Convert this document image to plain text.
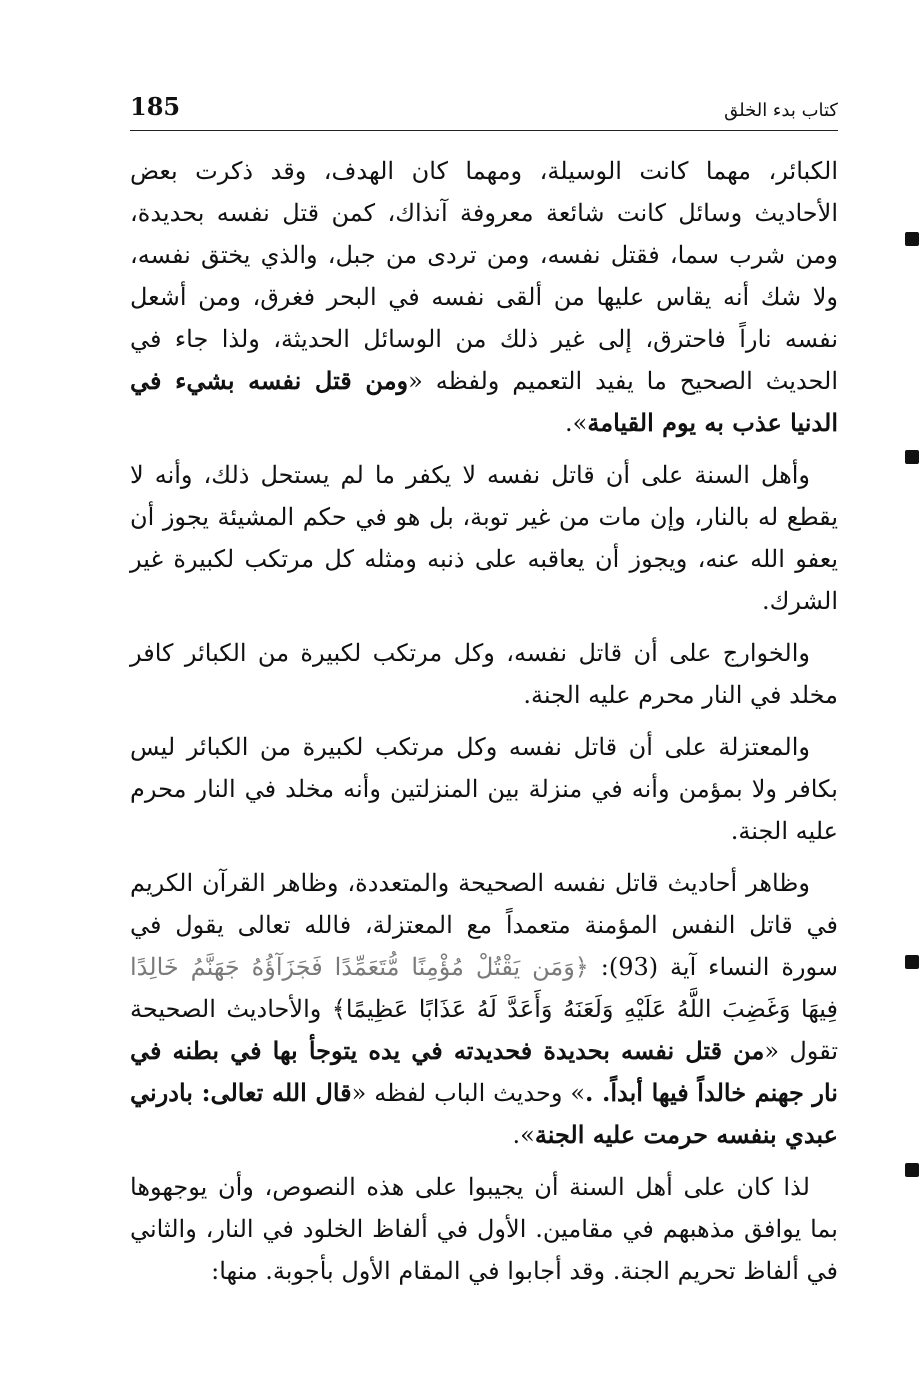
كتاب بدء الخلق
185

الكبائر، مهما كانت الوسيلة، ومهما كان الهدف، وقد ذكرت بعض الأحاديث وسائل كانت شائعة معروفة آنذاك، كمن قتل نفسه بحديدة، ومن شرب سما، فقتل نفسه، ومن تردى من جبل، والذي يختق نفسه، ولا شك أنه يقاس عليها من ألقى نفسه في البحر فغرق، ومن أشعل نفسه ناراً فاحترق، إلى غير ذلك من الوسائل الحديثة، ولذا جاء في الحديث الصحيح ما يفيد التعميم ولفظه «ومن قتل نفسه بشيء في الدنيا عذب به يوم القيامة».

وأهل السنة على أن قاتل نفسه لا يكفر ما لم يستحل ذلك، وأنه لا يقطع له بالنار، وإن مات من غير توبة، بل هو في حكم المشيئة يجوز أن يعفو الله عنه، ويجوز أن يعاقبه على ذنبه ومثله كل مرتكب لكبيرة غير الشرك.

والخوارج على أن قاتل نفسه، وكل مرتكب لكبيرة من الكبائر كافر مخلد في النار محرم عليه الجنة.

والمعتزلة على أن قاتل نفسه وكل مرتكب لكبيرة من الكبائر ليس بكافر ولا بمؤمن وأنه في منزلة بين المنزلتين وأنه مخلد في النار محرم عليه الجنة.

وظاهر أحاديث قاتل نفسه الصحيحة والمتعددة، وظاهر القرآن الكريم في قاتل النفس المؤمنة متعمداً مع المعتزلة، فالله تعالى يقول في سورة النساء آية (93): ﴿وَمَن يَقْتُلْ مُؤْمِنًا مُّتَعَمِّدًا فَجَزَآؤُهُ جَهَنَّمُ خَالِدًا فِيهَا وَغَضِبَ اللَّهُ عَلَيْهِ وَلَعَنَهُ وَأَعَدَّ لَهُ عَذَابًا عَظِيمًا﴾ والأحاديث الصحيحة تقول «من قتل نفسه بحديدة فحديدته في يده يتوجأ بها في بطنه في نار جهنم خالداً فيها أبداً. .» وحديث الباب لفظه «قال الله تعالى: بادرني عبدي بنفسه حرمت عليه الجنة».

لذا كان على أهل السنة أن يجيبوا على هذه النصوص، وأن يوجهوها بما يوافق مذهبهم في مقامين. الأول في ألفاظ الخلود في النار، والثاني في ألفاظ تحريم الجنة. وقد أجابوا في المقام الأول بأجوبة. منها:
